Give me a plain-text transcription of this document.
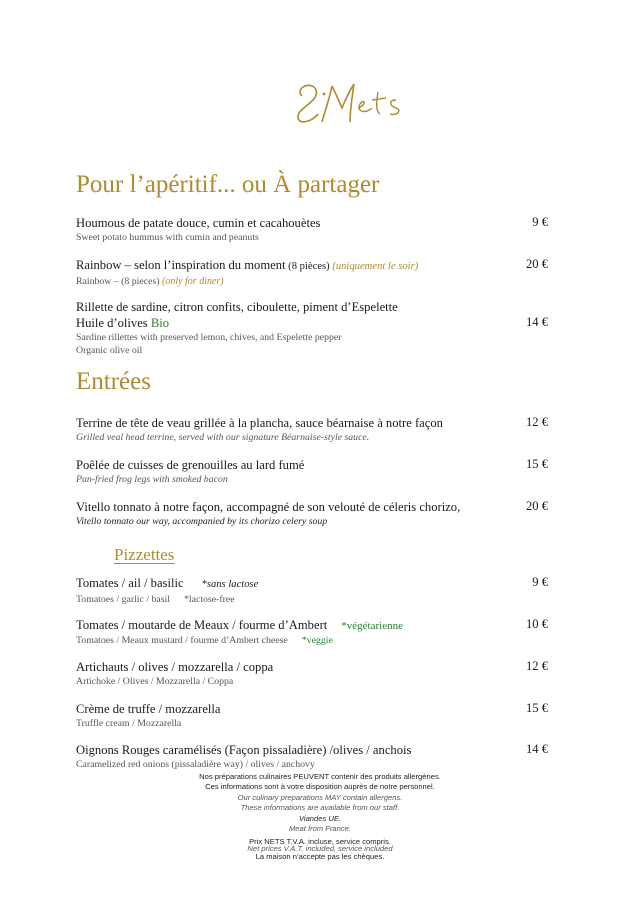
Pour l’apéritif... ou À partager
Houmous de patate douce, cumin et cacahouètes
Sweet potato hummus with cumin and peanuts
9 €
Rainbow – selon l’inspiration du moment (8 pièces) (uniquement le soir)
Rainbow – (8 pieces) (only for diner)
20 €
Rillette de sardine, citron confits, ciboulette, piment d’Espelette
Huile d’olives Bio
Sardine rillettes with preserved lemon, chives, and Espelette pepper
Organic olive oil
14 €
Entrées
Terrine de tête de veau grillée à la plancha, sauce béarnaise à notre façon
Grilled veal head terrine, served with our signature Béarnaise-style sauce.
12 €
Poêlée de cuisses de grenouilles au lard fumé
Pan-fried frog legs with smoked bacon
15 €
Vitello tonnato à notre façon, accompagné de son velouté de céleris chorizo,
Vitello tonnato our way, accompanied by its chorizo celery soup
20 €
Pizzettes
Tomates / ail / basilic *sans lactose
Tomatoes / garlic / basil *lactose-free
9 €
Tomates / moutarde de Meaux / fourme d’Ambert *végétarienne
Tomatoes / Meaux mustard / fourme d’Ambert cheese *veggie
10 €
Artichauts / olives / mozzarella / coppa
Artichoke / Olives / Mozzarella / Coppa
12 €
Crème de truffe / mozzarella
Truffle cream / Mozzarella
15 €
Oignons Rouges caramélisés (Façon pissaladière) /olives / anchois
Caramelized red onions (pissaladière way) / olives / anchovy
14 €
Nos préparations culinaires PEUVENT contenir des produits allergènes.
Ces informations sont à votre disposition auprès de notre personnel.
Our culinary preparations MAY contain allergens.
These informations are available from our staff.
Viandes UE.
Meat from France.
Prix NETS T.V.A. incluse, service compris.
Net prices V.A.T. included, service included
La maison n’accepte pas les chèques.
